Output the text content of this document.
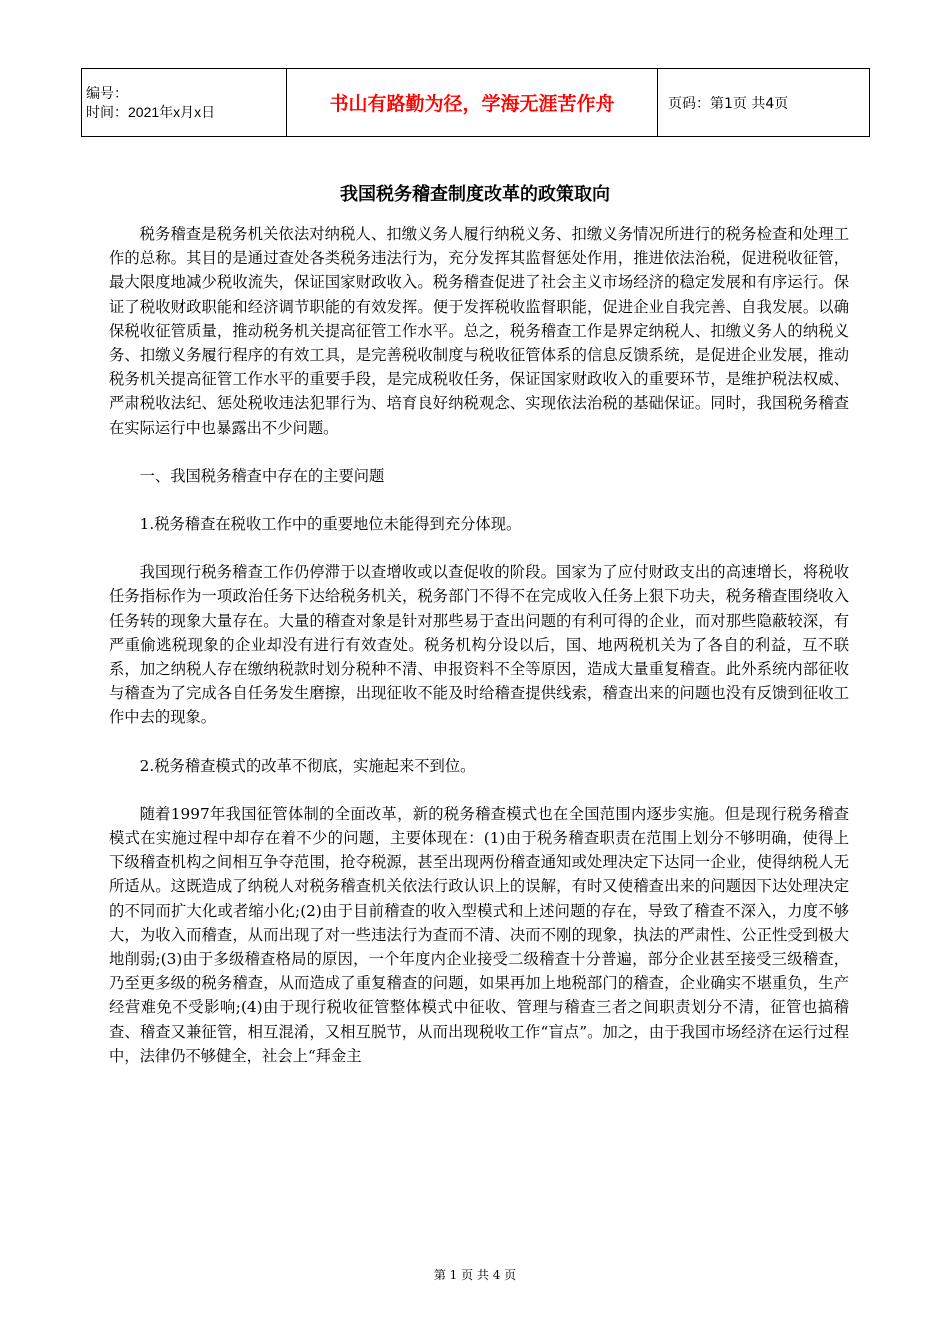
编号：
时间：2021年x月x日	书山有路勤为径，学海无涯苦作舟	页码：第1页 共4页
我国税务稽查制度改革的政策取向

税务稽查是税务机关依法对纳税人、扣缴义务人履行纳税义务、扣缴义务情况所进行的税务检查和处理工作的总称。其目的是通过查处各类税务违法行为，充分发挥其监督惩处作用，推进依法治税，促进税收征管，最大限度地减少税收流失，保证国家财政收入。税务稽查促进了社会主义市场经济的稳定发展和有序运行。保证了税收财政职能和经济调节职能的有效发挥。便于发挥税收监督职能，促进企业自我完善、自我发展。以确保税收征管质量，推动税务机关提高征管工作水平。总之，税务稽查工作是界定纳税人、扣缴义务人的纳税义务、扣缴义务履行程序的有效工具，是完善税收制度与税收征管体系的信息反馈系统，是促进企业发展，推动税务机关提高征管工作水平的重要手段，是完成税收任务，保证国家财政收入的重要环节，是维护税法权威、严肃税收法纪、惩处税收违法犯罪行为、培育良好纳税观念、实现依法治税的基础保证。同时，我国税务稽查在实际运行中也暴露出不少问题。

一、我国税务稽查中存在的主要问题

1.税务稽查在税收工作中的重要地位未能得到充分体现。

我国现行税务稽查工作仍停滞于以查增收或以查促收的阶段。国家为了应付财政支出的高速增长，将税收任务指标作为一项政治任务下达给税务机关，税务部门不得不在完成收入任务上狠下功夫，税务稽查围绕收入任务转的现象大量存在。大量的稽查对象是针对那些易于查出问题的有利可得的企业，而对那些隐蔽较深，有严重偷逃税现象的企业却没有进行有效查处。税务机构分设以后，国、地两税机关为了各自的利益，互不联系，加之纳税人存在缴纳税款时划分税种不清、申报资料不全等原因，造成大量重复稽查。此外系统内部征收与稽查为了完成各自任务发生磨擦，出现征收不能及时给稽查提供线索，稽查出来的问题也没有反馈到征收工作中去的现象。

2.税务稽查模式的改革不彻底，实施起来不到位。

随着1997年我国征管体制的全面改革，新的税务稽查模式也在全国范围内逐步实施。但是现行税务稽查模式在实施过程中却存在着不少的问题，主要体现在：(1)由于税务稽查职责在范围上划分不够明确，使得上下级稽查机构之间相互争夺范围，抢夺税源，甚至出现两份稽查通知或处理决定下达同一企业，使得纳税人无所适从。这既造成了纳税人对税务稽查机关依法行政认识上的误解，有时又使稽查出来的问题因下达处理决定的不同而扩大化或者缩小化;(2)由于目前稽查的收入型模式和上述问题的存在，导致了稽查不深入，力度不够大，为收入而稽查，从而出现了对一些违法行为查而不清、决而不刚的现象，执法的严肃性、公正性受到极大地削弱;(3)由于多级稽查格局的原因，一个年度内企业接受二级稽查十分普遍，部分企业甚至接受三级稽查，乃至更多级的税务稽查，从而造成了重复稽查的问题，如果再加上地税部门的稽查，企业确实不堪重负，生产经营难免不受影响;(4)由于现行税收征管整体模式中征收、管理与稽查三者之间职责划分不清，征管也搞稽查、稽查又兼征管，相互混淆，又相互脱节，从而出现税收工作“盲点”。加之，由于我国市场经济在运行过程中，法律仍不够健全，社会上“拜金主

第 1 页 共 4 页
